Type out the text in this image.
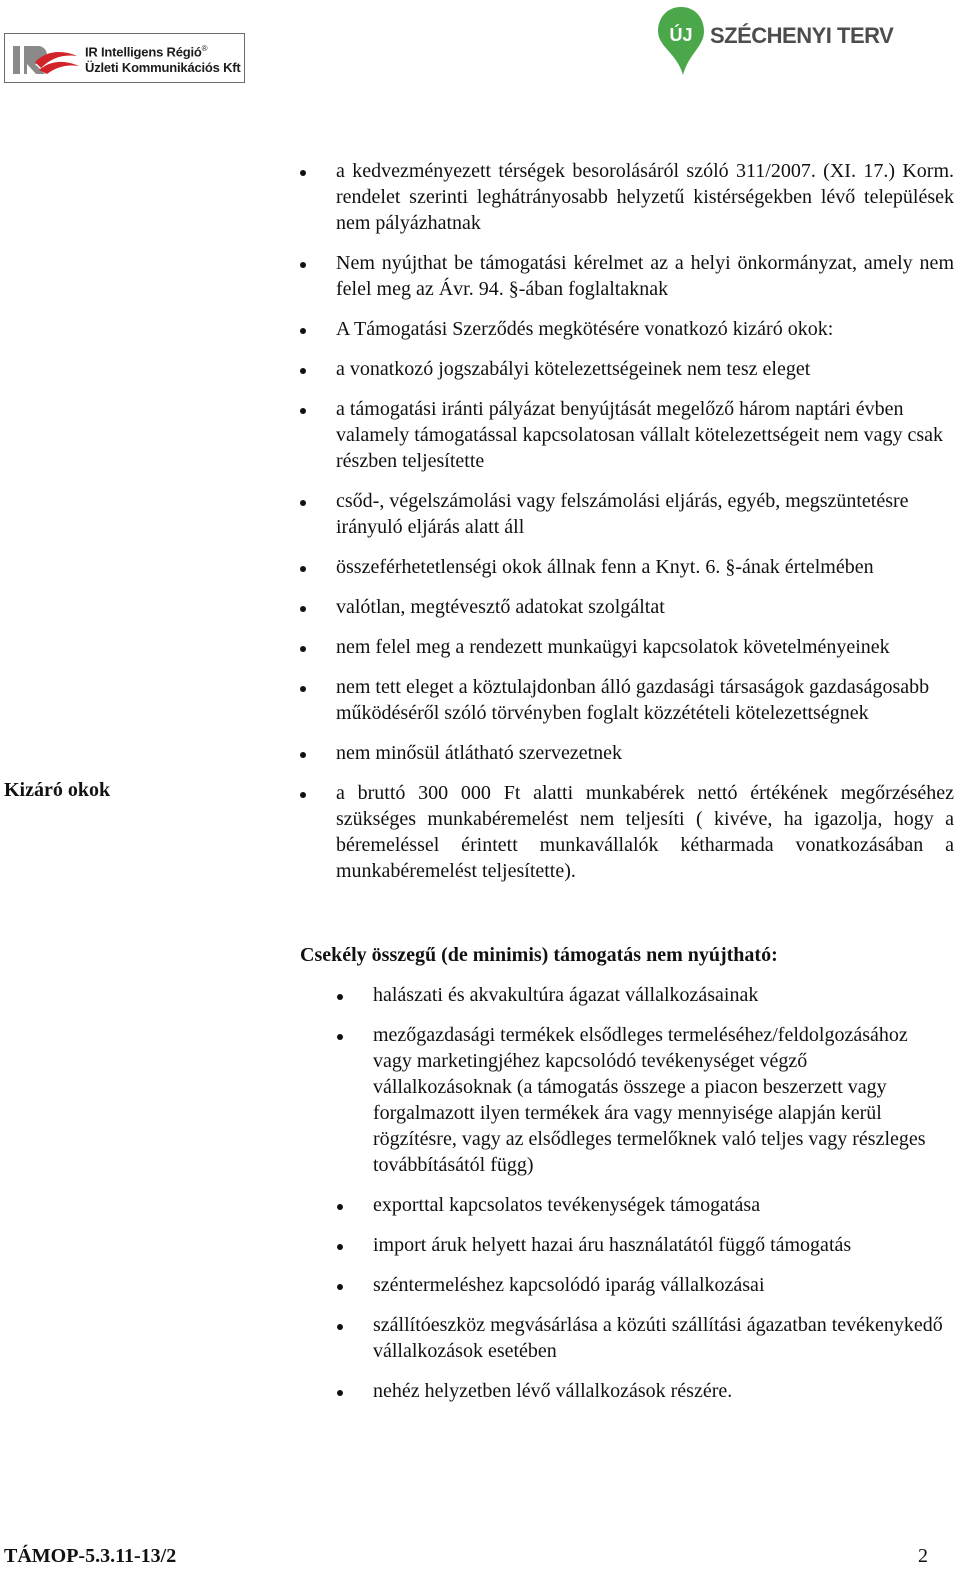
IR Intelligens Régió®
Üzleti Kommunikációs Kft
ÚJ SZÉCHENYI TERV
Kizáró okok
a kedvezményezett térségek besorolásáról szóló 311/2007. (XI. 17.) Korm. rendelet szerinti leghátrányosabb helyzetű kistérségekben lévő települések nem pályázhatnak
Nem nyújthat be támogatási kérelmet az a helyi önkormányzat, amely nem felel meg az Ávr. 94. §-ában foglaltaknak
A Támogatási Szerződés megkötésére vonatkozó kizáró okok:
a vonatkozó jogszabályi kötelezettségeinek nem tesz eleget
a támogatási iránti pályázat benyújtását megelőző három naptári évben valamely támogatással kapcsolatosan vállalt kötelezettségeit nem vagy csak részben teljesítette
csőd-, végelszámolási vagy felszámolási eljárás, egyéb, megszüntetésre irányuló eljárás alatt áll
összeférhetetlenségi okok állnak fenn a Knyt. 6. §-ának értelmében
valótlan, megtévesztő adatokat szolgáltat
nem felel meg a rendezett munkaügyi kapcsolatok követelményeinek
nem tett eleget a köztulajdonban álló gazdasági társaságok gazdaságosabb működéséről szóló törvényben foglalt közzétételi kötelezettségnek
nem minősül átlátható szervezetnek
a bruttó 300 000 Ft alatti munkabérek nettó értékének megőrzéséhez szükséges munkabéremelést nem teljesíti ( kivéve, ha igazolja, hogy a béremeléssel érintett munkavállalók kétharmada vonatkozásában a munkabéremelést teljesítette).
Csekély összegű (de minimis) támogatás nem nyújtható:
halászati és akvakultúra ágazat vállalkozásainak
mezőgazdasági termékek elsődleges termeléséhez/feldolgozásához vagy marketingjéhez kapcsolódó tevékenységet végző vállalkozásoknak (a támogatás összege a piacon beszerzett vagy forgalmazott ilyen termékek ára vagy mennyisége alapján kerül rögzítésre, vagy az elsődleges termelőknek való teljes vagy részleges továbbításától függ)
exporttal kapcsolatos tevékenységek támogatása
import áruk helyett hazai áru használatától függő támogatás
széntermeléshez kapcsolódó iparág vállalkozásai
szállítóeszköz megvásárlása a közúti szállítási ágazatban tevékenykedő vállalkozások esetében
nehéz helyzetben lévő vállalkozások részére.
TÁMOP-5.3.11-13/2	2
